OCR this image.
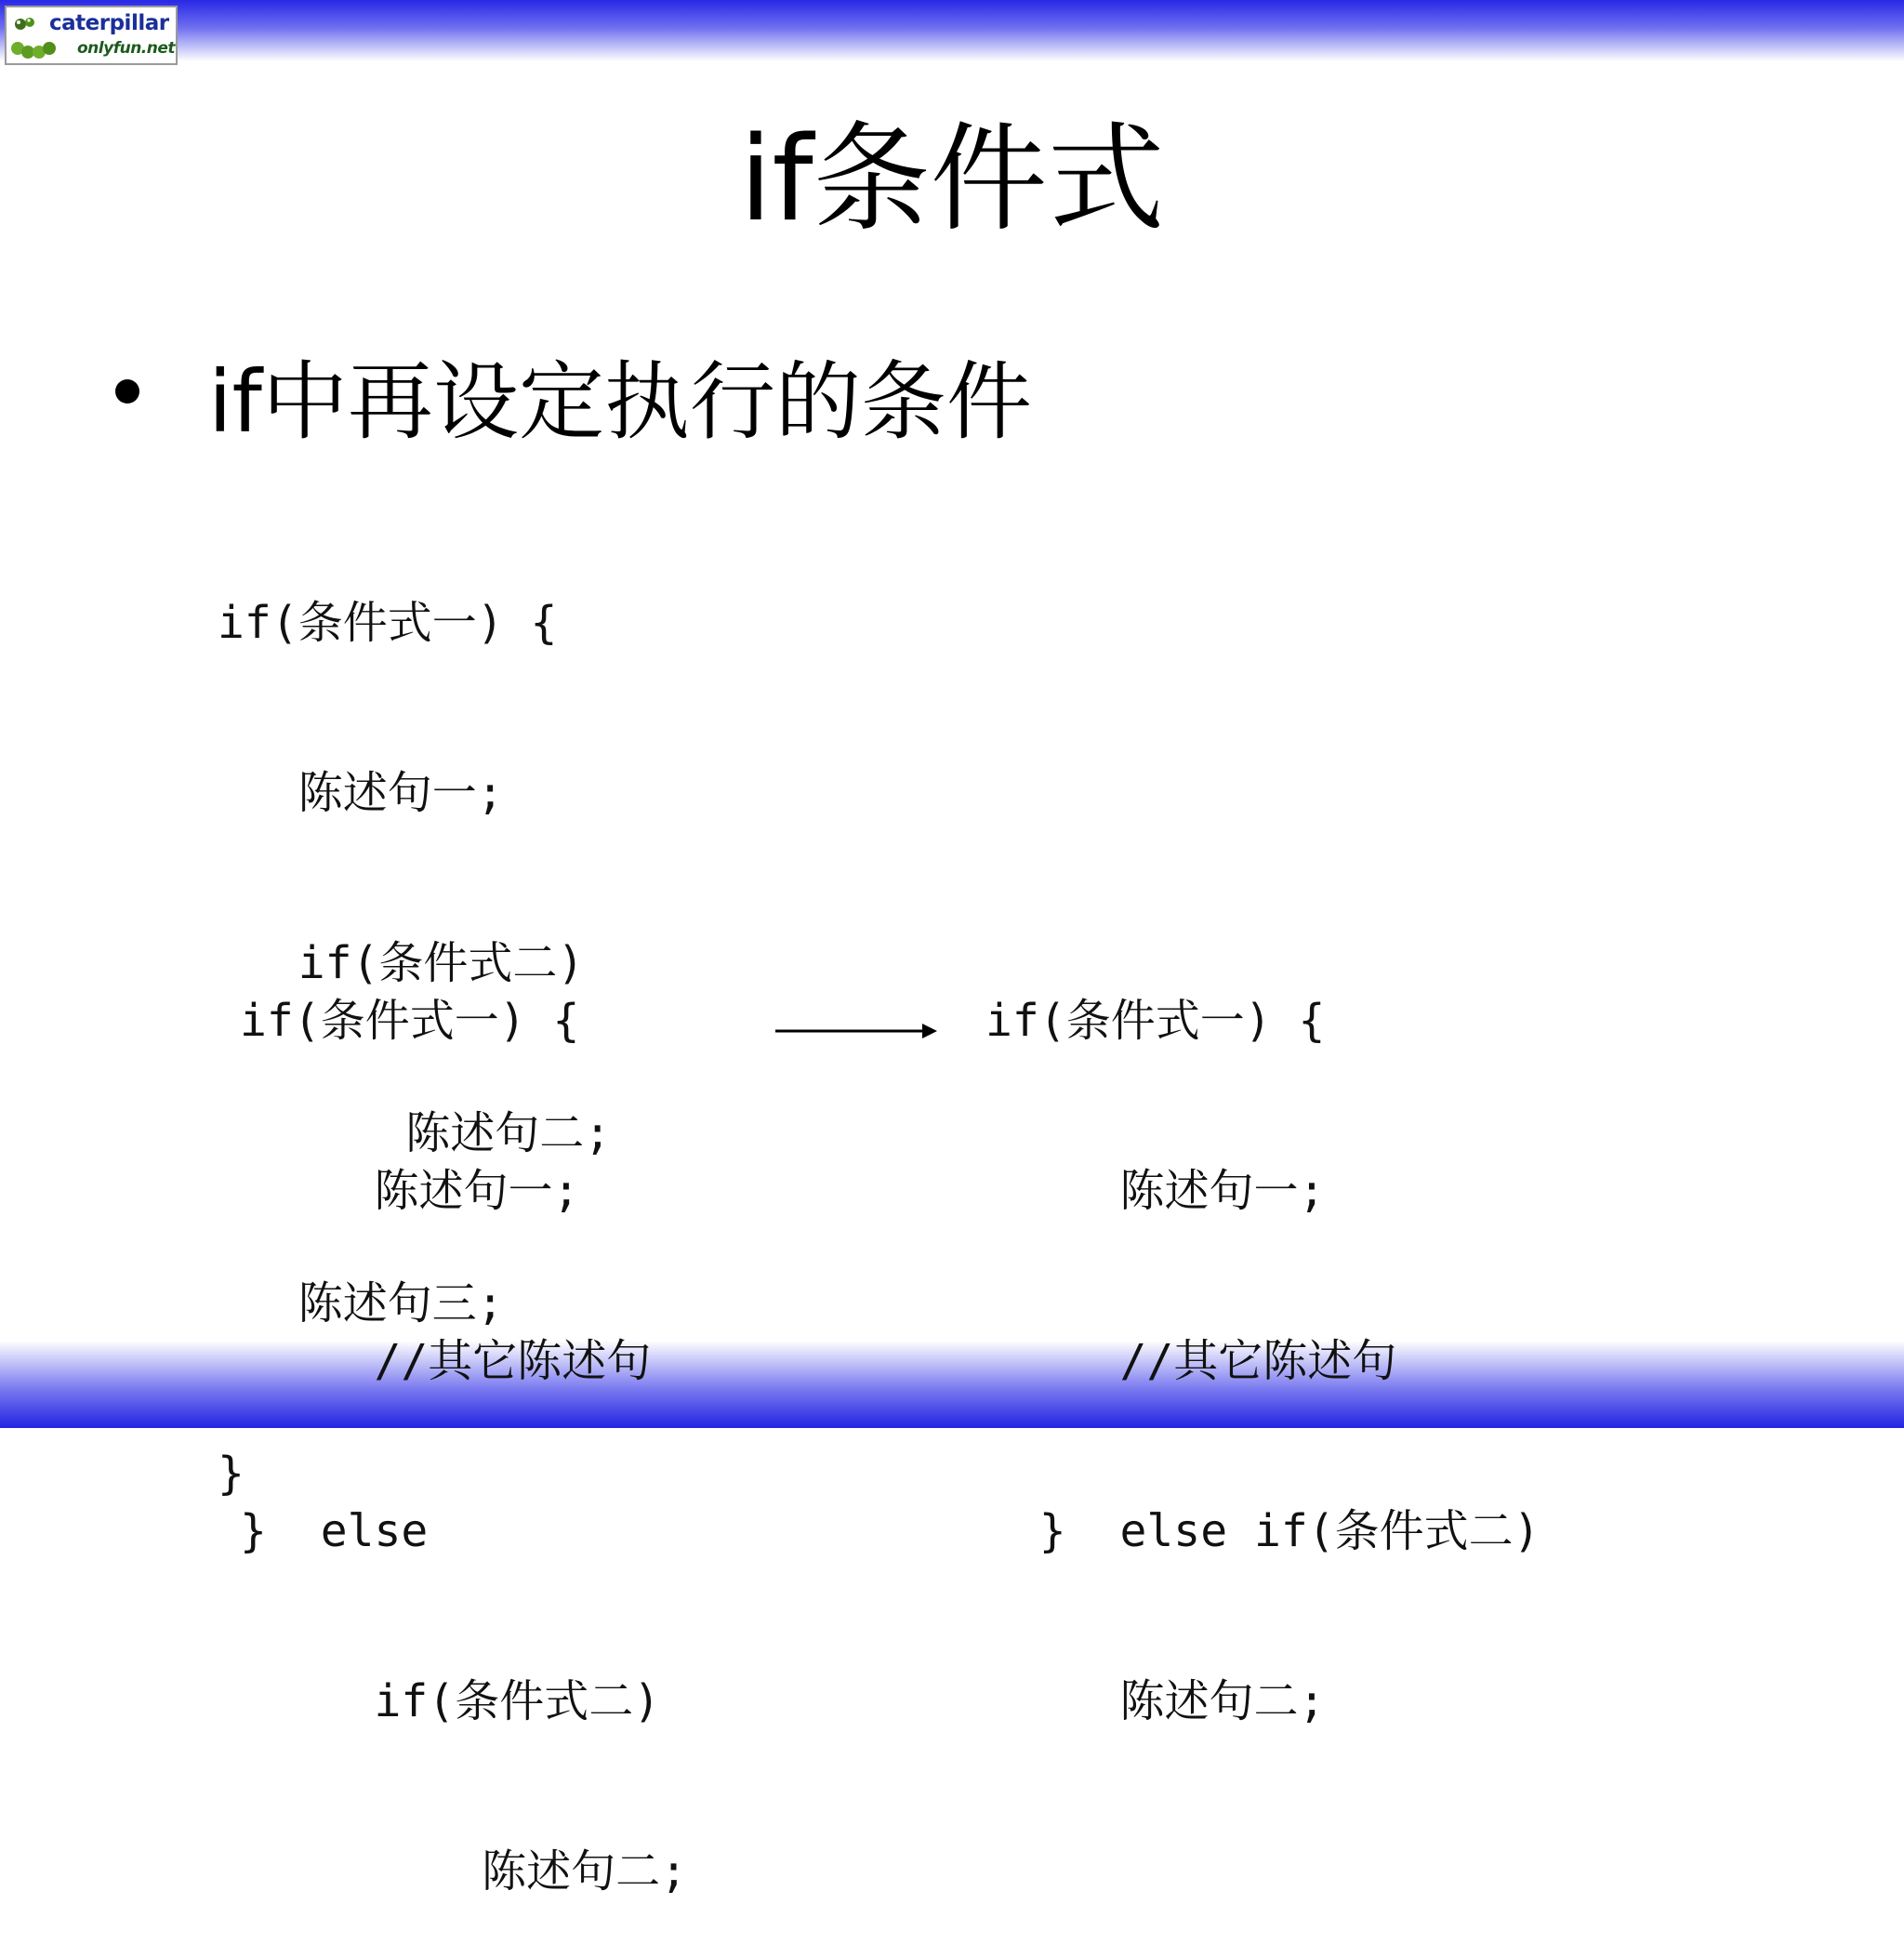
caterpillar
onlyfun.net
if条件式
if中再设定执行的条件

if(条件式一) {

陈述句一;

if(条件式二)

陈述句二;

陈述句三;

}

if(条件式一) {

陈述句一;

//其它陈述句

}  else

if(条件式二)

陈述句二;

if(条件式一) {

陈述句一;

//其它陈述句

}  else if(条件式二)

陈述句二;
